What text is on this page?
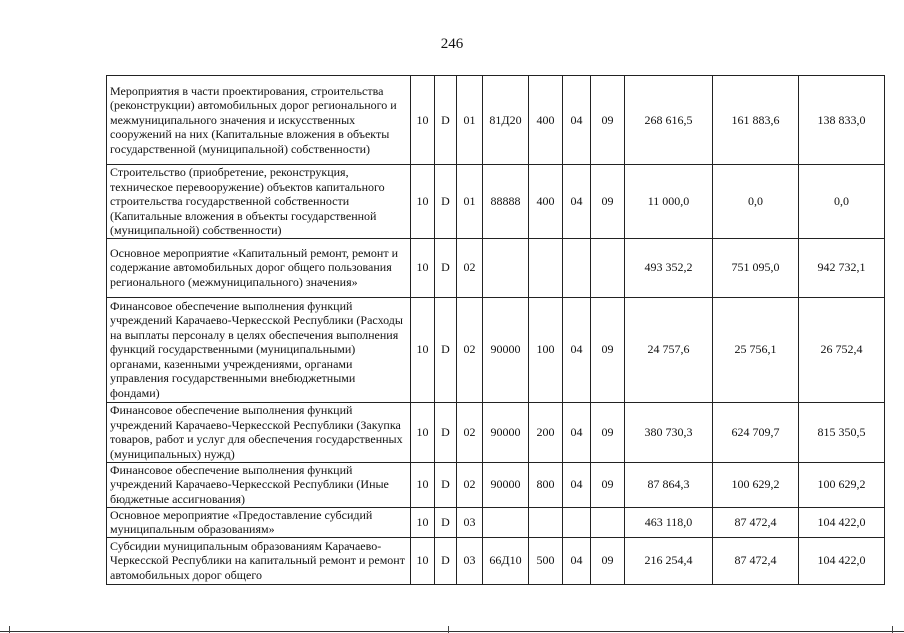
246
Мероприятия в части проектирования, строительства (реконструкции) автомобильных дорог регионального и межмуниципального значения и искусственных сооружений на них (Капитальные вложения в объекты государственной (муниципальной) собственности)	10	D	01	81Д20	400	04	09	268 616,5	161 883,6	138 833,0
Строительство (приобретение, реконструкция, техническое перевооружение) объектов капитального строительства государственной собственности (Капитальные вложения в объекты государственной (муниципальной) собственности)	10	D	01	88888	400	04	09	11 000,0	0,0	0,0
Основное мероприятие «Капитальный ремонт, ремонт и содержание автомобильных дорог общего пользования регионального (межмуниципального) значения»	10	D	02					493 352,2	751 095,0	942 732,1
Финансовое обеспечение выполнения функций учреждений Карачаево-Черкесской Республики (Расходы на выплаты персоналу в целях обеспечения выполнения функций государственными (муниципальными) органами, казенными учреждениями, органами управления государственными внебюджетными фондами)	10	D	02	90000	100	04	09	24 757,6	25 756,1	26 752,4
Финансовое обеспечение выполнения функций учреждений Карачаево-Черкесской Республики (Закупка товаров, работ и услуг для обеспечения государственных (муниципальных) нужд)	10	D	02	90000	200	04	09	380 730,3	624 709,7	815 350,5
Финансовое обеспечение выполнения функций учреждений Карачаево-Черкесской Республики (Иные бюджетные ассигнования)	10	D	02	90000	800	04	09	87 864,3	100 629,2	100 629,2
Основное мероприятие «Предоставление субсидий муниципальным образованиям»	10	D	03					463 118,0	87 472,4	104 422,0
Субсидии муниципальным образованиям Карачаево-Черкесской Республики на капитальный ремонт и ремонт автомобильных дорог общего	10	D	03	66Д10	500	04	09	216 254,4	87 472,4	104 422,0
